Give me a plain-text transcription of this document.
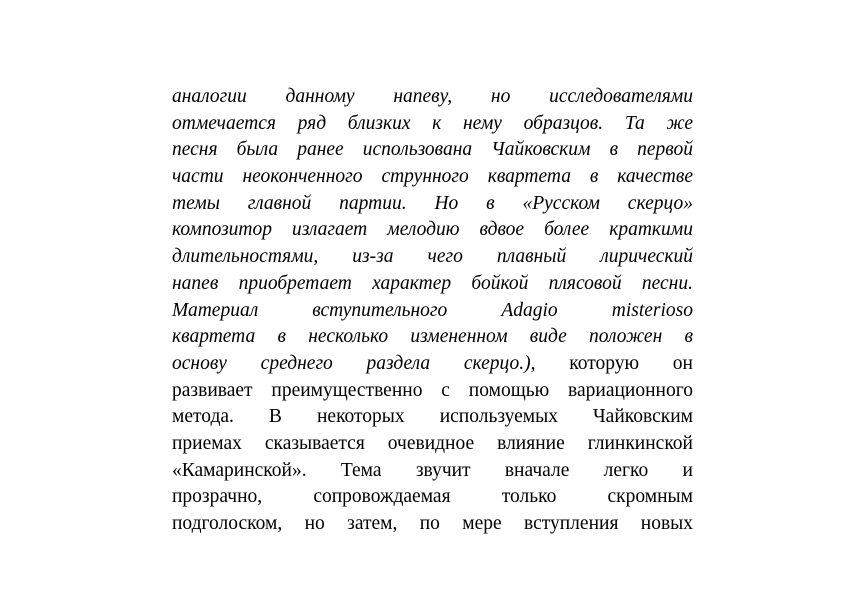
аналогии данному напеву, но исследователями
отмечается ряд близких к нему образцов. Та же
песня была ранее использована Чайковским в первой
части неоконченного струнного квартета в качестве
темы главной партии. Но в «Русском скерцо»
композитор излагает мелодию вдвое более краткими
длительностями, из-за чего плавный лирический
напев приобретает характер бойкой плясовой песни.
Материал вступительного Adagio misterioso
квартета в несколько измененном виде положен в
основу среднего раздела скерцо.), которую он
развивает преимущественно с помощью вариационного
метода. В некоторых используемых Чайковским
приемах сказывается очевидное влияние глинкинской
«Камаринской». Тема звучит вначале легко и
прозрачно, сопровождаемая только скромным
подголоском, но затем, по мере вступления новых
